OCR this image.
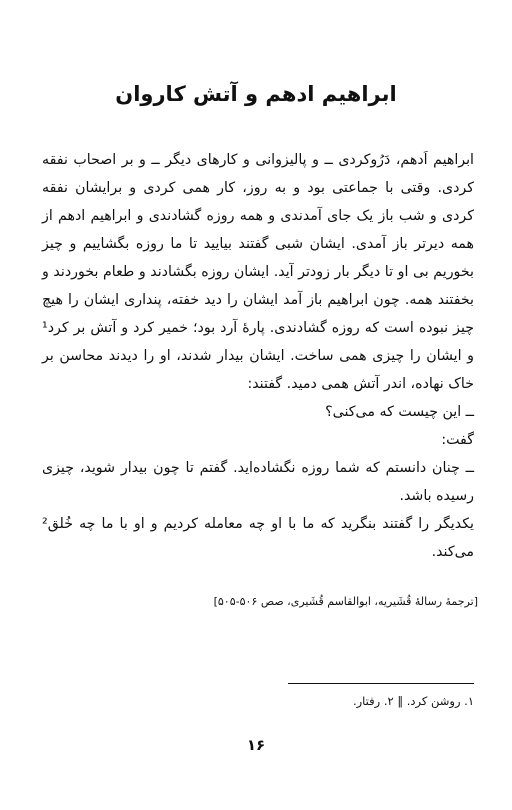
ابراهیم ادهم و آتش کاروان

ابراهیم اَدهم، دَرُوکردی ــ و پالیزوانی و کارهای دیگر ــ و بر اصحاب نفقه کردی. وقتی با جماعتی بود و به روز، کار همی کردی و برایشان نفقه کردی و شب باز یک جای آمدندی و همه روزه گشادندی و ابراهیم ادهم از همه دیرتر باز آمدی. ایشان شبی گفتند بیایید تا ما روزه بگشاییم و چیز بخوریم بی او تا دیگر بار زودتر آید. ایشان روزه بگشادند و طعام بخوردند و بخفتند همه. چون ابراهیم باز آمد ایشان را دید خفته، پنداری ایشان را هیچ چیز نبوده است که روزه گشادندی. پارهٔ آرد بود؛ خمیر کرد و آتش بر کرد¹ و ایشان را چیزی همی ساخت. ایشان بیدار شدند، او را دیدند محاسن بر خاک نهاده، اندر آتش همی دمید. گفتند:

ــ این چیست که می‌کنی؟

گفت:

ــ چنان دانستم که شما روزه نگشاده‌اید. گفتم تا چون بیدار شوید، چیزی رسیده باشد.

یکدیگر را گفتند بنگرید که ما با او چه معامله کردیم و او با ما چه خُلق² می‌کند.

[ترجمهٔ رسالهٔ قُشَیریه، ابوالقاسم قُشَیری، صص ۵۰۶-۵۰۵]
۱. روشن کرد. ‖ ۲. رفتار.
۱۶
